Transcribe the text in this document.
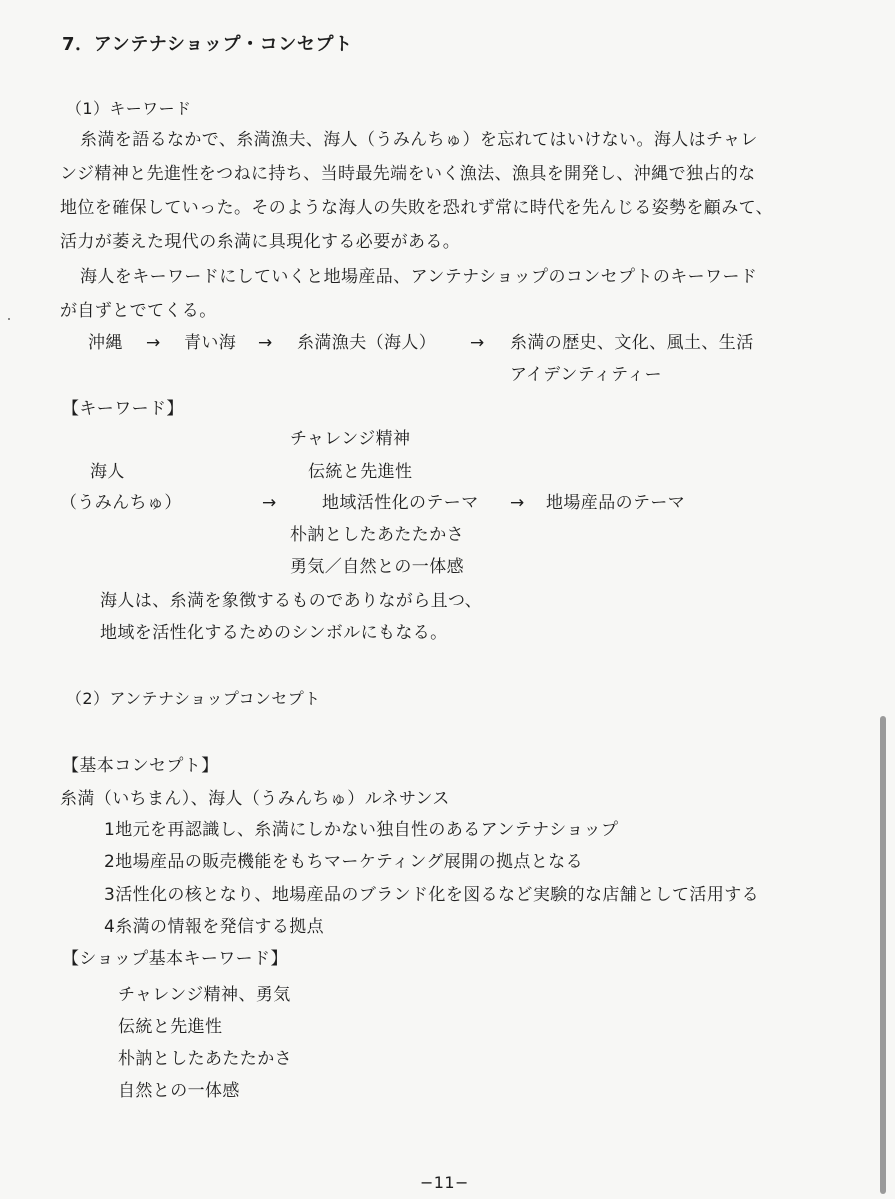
7．アンテナショップ・コンセプト
（1）キーワード
糸満を語るなかで、糸満漁夫、海人（うみんちゅ）を忘れてはいけない。海人はチャレ
ンジ精神と先進性をつねに持ち、当時最先端をいく漁法、漁具を開発し、沖縄で独占的な
地位を確保していった。そのような海人の失敗を恐れず常に時代を先んじる姿勢を顧みて、
活力が萎えた現代の糸満に具現化する必要がある。
海人をキーワードにしていくと地場産品、アンテナショップのコンセプトのキーワード
が自ずとでてくる。
沖縄 → 青い海 → 糸満漁夫（海人） → 糸満の歴史、文化、風土、生活
アイデンティティー
【キーワード】
チャレンジ精神
海人	伝統と先進性
（うみんちゅ）	→	地域活性化のテーマ → 地場産品のテーマ
朴訥としたあたたかさ
勇気／自然との一体感
海人は、糸満を象徴するものでありながら且つ、
地域を活性化するためのシンボルにもなる。
（2）アンテナショップコンセプト
【基本コンセプト】
糸満（いちまん）、海人（うみんちゅ）ルネサンス
1地元を再認識し、糸満にしかない独自性のあるアンテナショップ
2地場産品の販売機能をもちマーケティング展開の拠点となる
3活性化の核となり、地場産品のブランド化を図るなど実験的な店舗として活用する
4糸満の情報を発信する拠点
【ショップ基本キーワード】
チャレンジ精神、勇気
伝統と先進性
朴訥としたあたたかさ
自然との一体感
−11−
